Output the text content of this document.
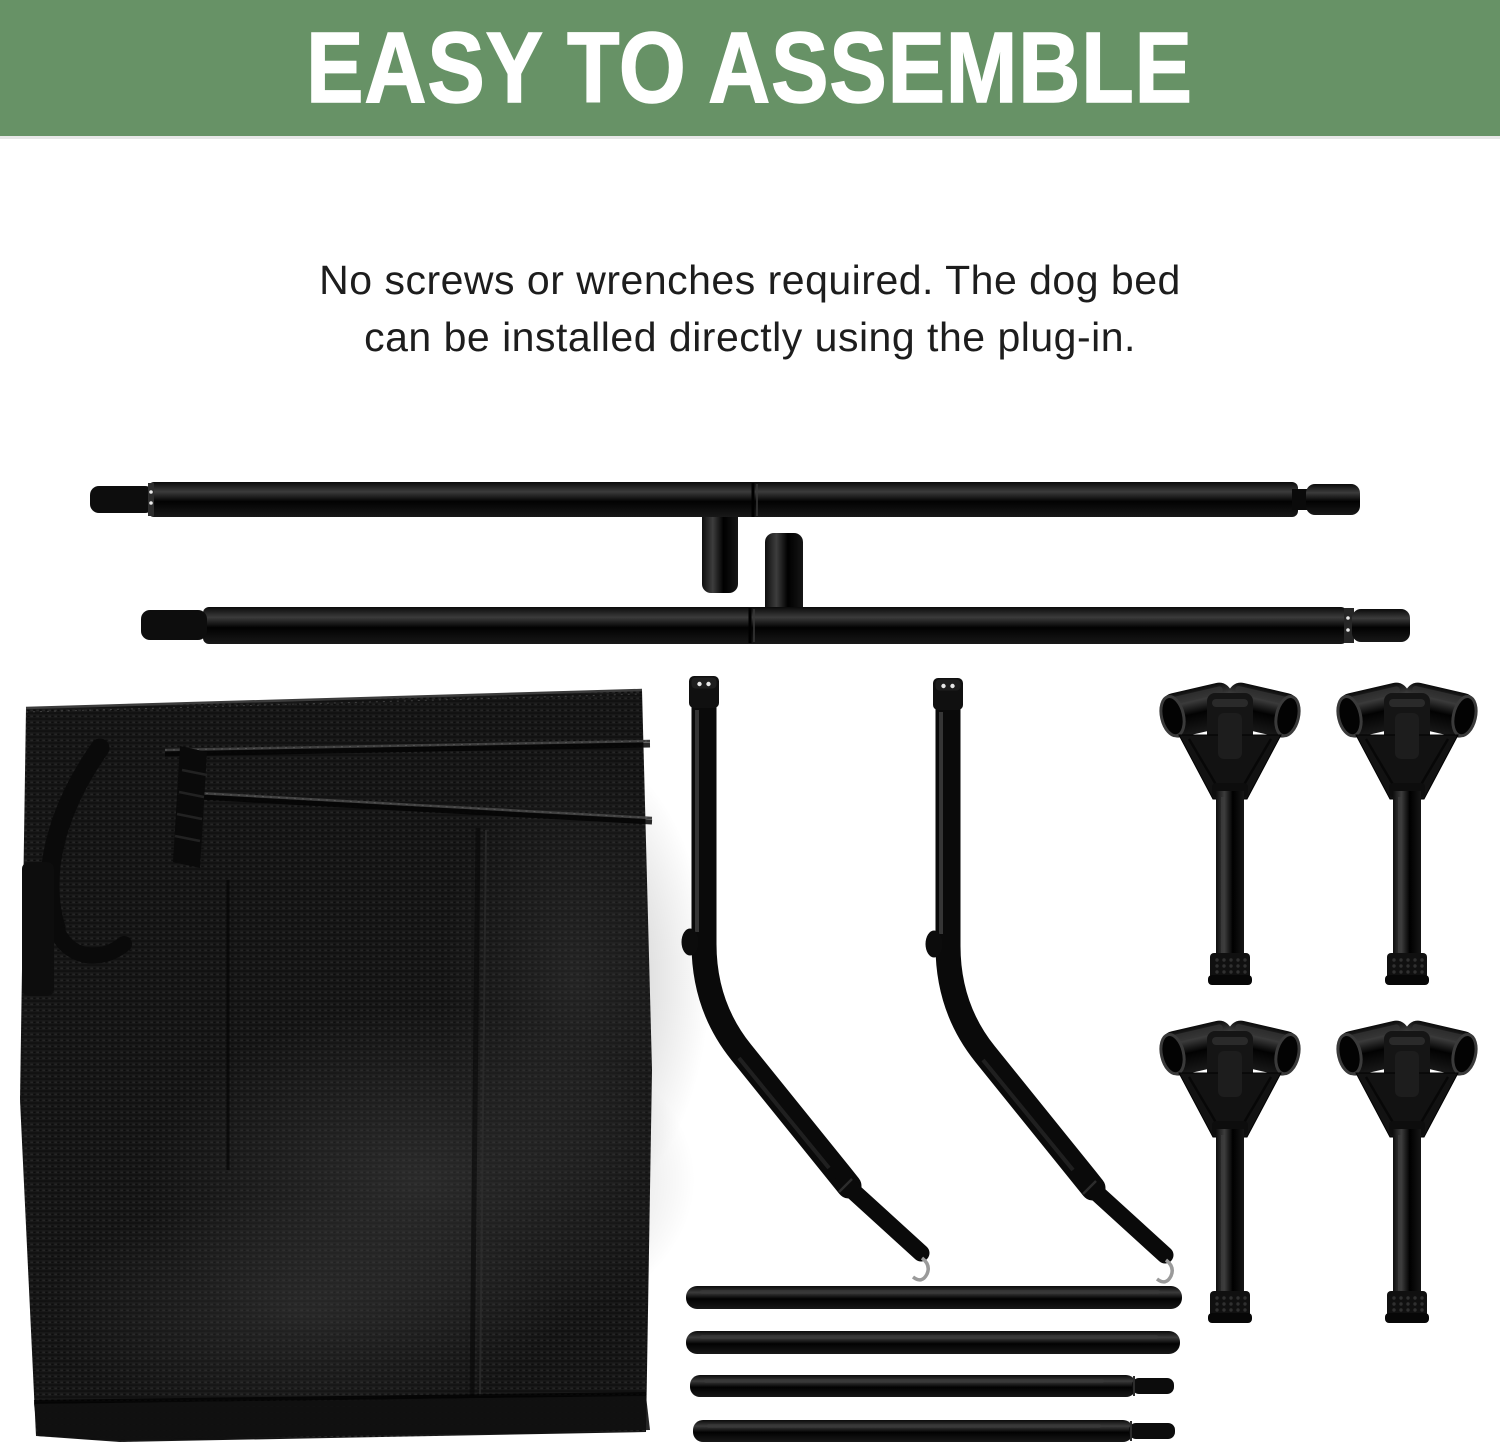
EASY TO ASSEMBLE

No screws or wrenches required. The dog bed
can be installed directly using the plug-in.
